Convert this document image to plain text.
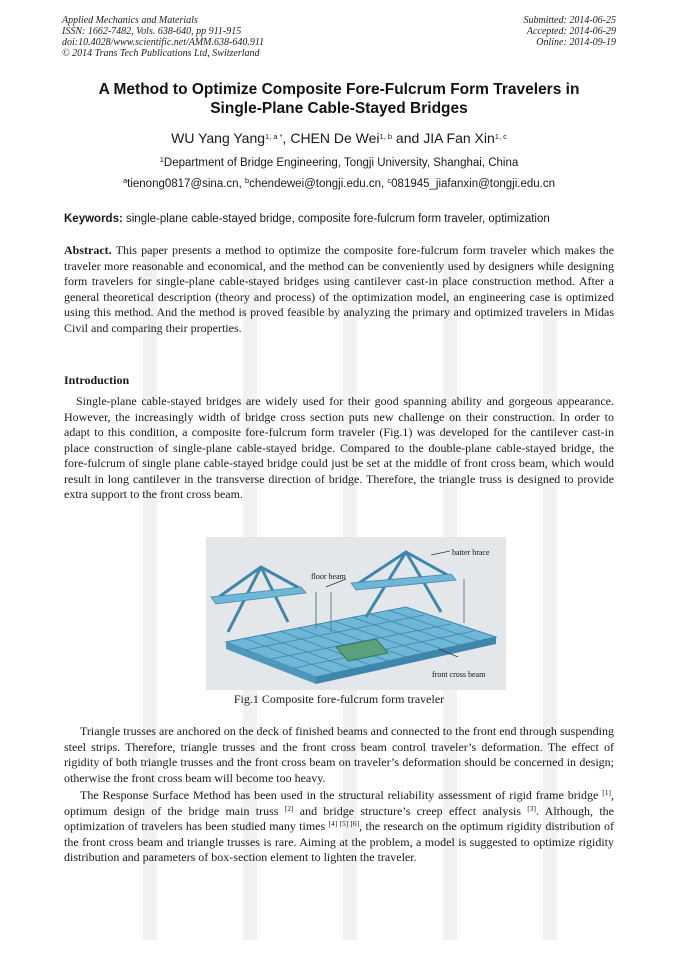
Applied Mechanics and Materials
ISSN: 1662-7482, Vols. 638-640, pp 911-915
doi:10.4028/www.scientific.net/AMM.638-640.911
© 2014 Trans Tech Publications Ltd, Switzerland
Submitted: 2014-06-25
Accepted: 2014-06-29
Online: 2014-09-19
A Method to Optimize Composite Fore-Fulcrum Form Travelers in
Single-Plane Cable-Stayed Bridges
WU Yang Yang$^{1, a *}$, CHEN De Wei$^{1, b}$ and JIA Fan Xin$^{1, c}$
$^1$Department of Bridge Engineering, Tongji University, Shanghai, China
$^a$tienong0817@sina.cn, $^b$chendewei@tongji.edu.cn, $^c$081945_jiafanxin@tongji.edu.cn
Keywords: single-plane cable-stayed bridge, composite fore-fulcrum form traveler, optimization
Abstract. This paper presents a method to optimize the composite fore-fulcrum form traveler which makes the traveler more reasonable and economical, and the method can be conveniently used by designers while designing form travelers for single-plane cable-stayed bridges using cantilever cast-in place construction method. After a general theoretical description (theory and process) of the optimization model, an engineering case is optimized using this method. And the method is proved feasible by analyzing the primary and optimized travelers in Midas Civil and comparing their properties.
Introduction
Single-plane cable-stayed bridges are widely used for their good spanning ability and gorgeous appearance. However, the increasingly width of bridge cross section puts new challenge on their construction. In order to adapt to this condition, a composite fore-fulcrum form traveler (Fig.1) was developed for the cantilever cast-in place construction of single-plane cable-stayed bridge. Compared to the double-plane cable-stayed bridge, the fore-fulcrum of single plane cable-stayed bridge could just be set at the middle of front cross beam, which would result in long cantilever in the transverse direction of bridge. Therefore, the triangle truss is designed to provide extra support to the front cross beam.
batter brace
floor beam
front cross beam
Fig.1 Composite fore-fulcrum form traveler
Triangle trusses are anchored on the deck of finished beams and connected to the front end through suspending steel strips. Therefore, triangle trusses and the front cross beam control traveler’s deformation. The effect of rigidity of both triangle trusses and the front cross beam on traveler’s deformation should be concerned in design; otherwise the front cross beam will become too heavy.
The Response Surface Method has been used in the structural reliability assessment of rigid frame bridge [1], optimum design of the bridge main truss [2] and bridge structure’s creep effect analysis [3]. Although, the optimization of travelers has been studied many times [4] [5] [6], the research on the optimum rigidity distribution of the front cross beam and triangle trusses is rare. Aiming at the problem, a model is suggested to optimize rigidity distribution and parameters of box-section element to lighten the traveler.
